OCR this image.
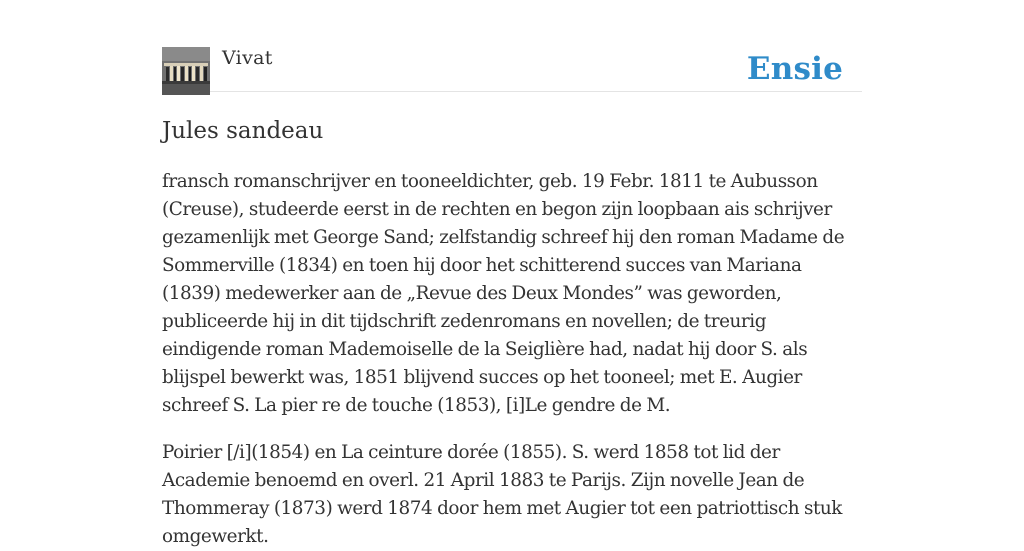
Vivat	Ensie
Jules sandeau

fransch romanschrijver en tooneeldichter, geb. 19 Febr. 1811 te Aubusson (Creuse), studeerde eerst in de rechten en begon zijn loopbaan ais schrijver gezamenlijk met George Sand; zelfstandig schreef hij den roman Madame de Sommerville (1834) en toen hij door het schitterend succes van Mariana (1839) medewerker aan de „Revue des Deux Mondes” was geworden, publiceerde hij in dit tijdschrift zedenromans en novellen; de treurig eindigende roman Mademoiselle de la Seiglière had, nadat hij door S. als blijspel bewerkt was, 1851 blijvend succes op het tooneel; met E. Augier schreef S. La pier re de touche (1853), [i]Le gendre de M.

Poirier [/i](1854) en La ceinture dorée (1855). S. werd 1858 tot lid der Academie benoemd en overl. 21 April 1883 te Parijs. Zijn novelle Jean de Thommeray (1873) werd 1874 door hem met Augier tot een patriottisch stuk omgewerkt.
